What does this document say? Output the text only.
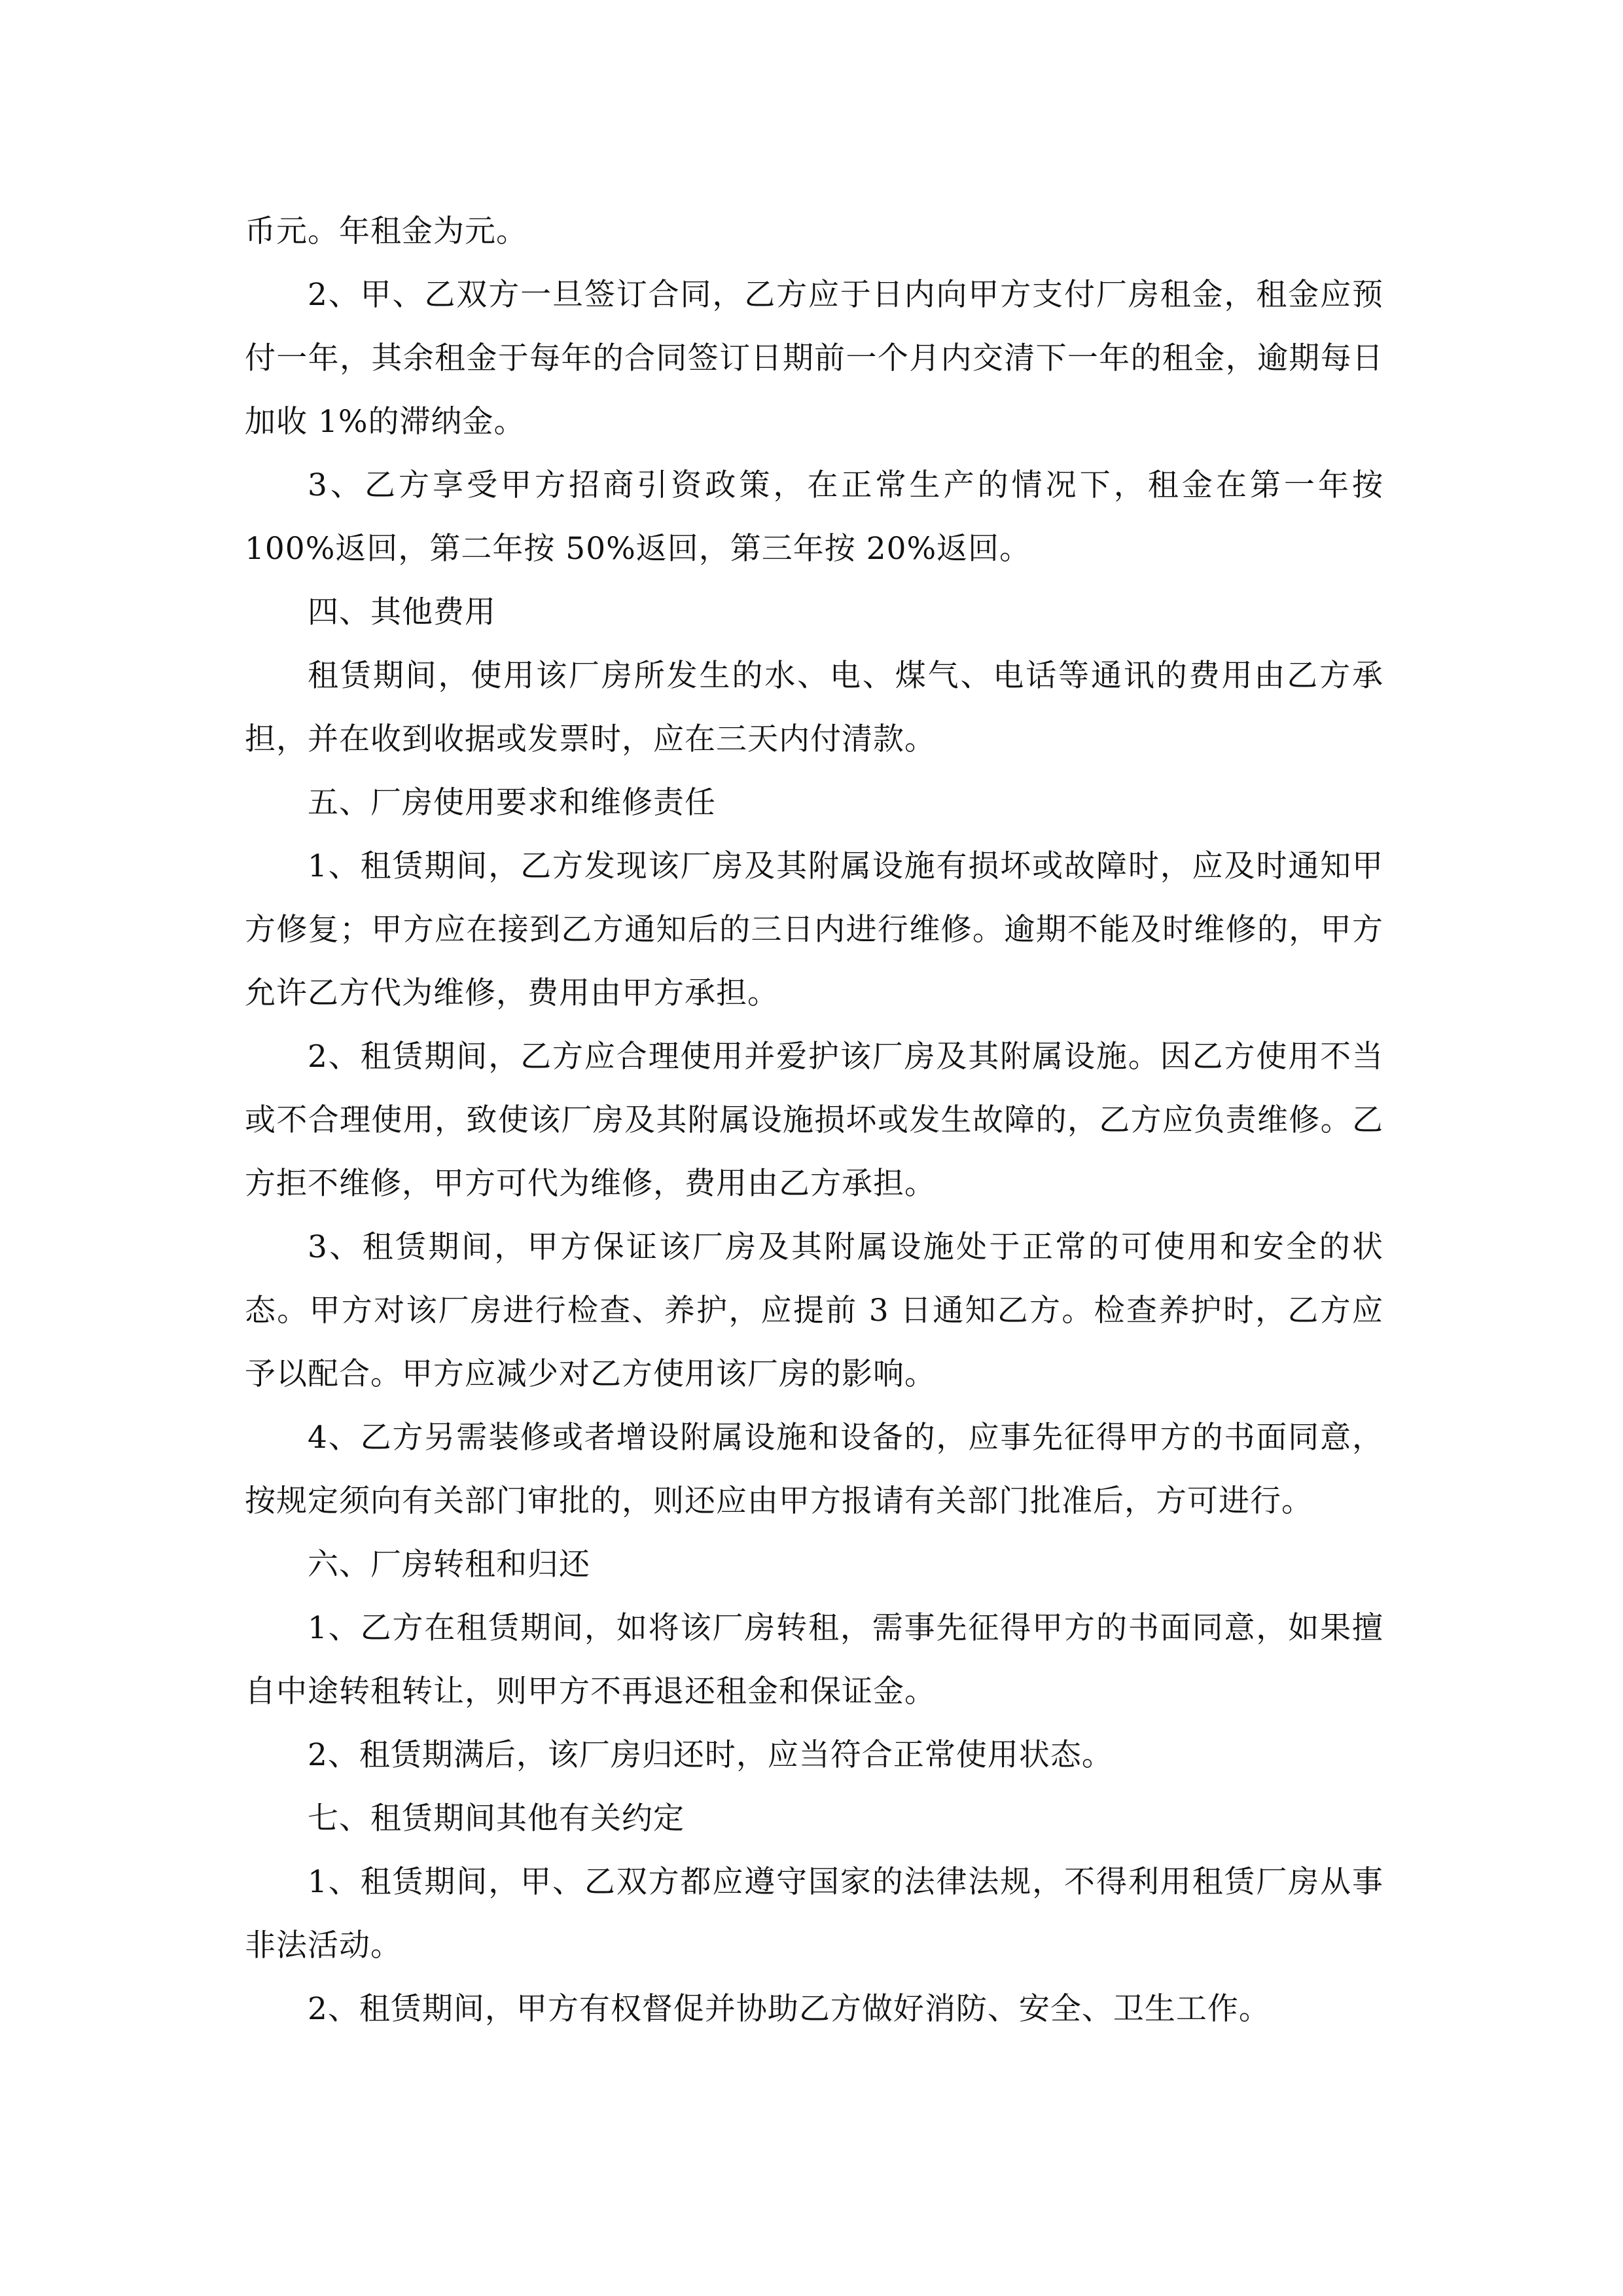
币元。年租金为元。

2、甲、乙双方一旦签订合同，乙方应于日内向甲方支付厂房租金，租金应预付一年，其余租金于每年的合同签订日期前一个月内交清下一年的租金，逾期每日加收 1%的滞纳金。

3、乙方享受甲方招商引资政策，在正常生产的情况下，租金在第一年按 100%返回，第二年按 50%返回，第三年按 20%返回。

四、其他费用

租赁期间，使用该厂房所发生的水、电、煤气、电话等通讯的费用由乙方承担，并在收到收据或发票时，应在三天内付清款。

五、厂房使用要求和维修责任

1、租赁期间，乙方发现该厂房及其附属设施有损坏或故障时，应及时通知甲方修复；甲方应在接到乙方通知后的三日内进行维修。逾期不能及时维修的，甲方允许乙方代为维修，费用由甲方承担。

2、租赁期间，乙方应合理使用并爱护该厂房及其附属设施。因乙方使用不当或不合理使用，致使该厂房及其附属设施损坏或发生故障的，乙方应负责维修。乙方拒不维修，甲方可代为维修，费用由乙方承担。

3、租赁期间，甲方保证该厂房及其附属设施处于正常的可使用和安全的状态。甲方对该厂房进行检查、养护，应提前 3 日通知乙方。检查养护时，乙方应予以配合。甲方应减少对乙方使用该厂房的影响。

4、乙方另需装修或者增设附属设施和设备的，应事先征得甲方的书面同意，按规定须向有关部门审批的，则还应由甲方报请有关部门批准后，方可进行。

六、厂房转租和归还

1、乙方在租赁期间，如将该厂房转租，需事先征得甲方的书面同意，如果擅自中途转租转让，则甲方不再退还租金和保证金。

2、租赁期满后，该厂房归还时，应当符合正常使用状态。

七、租赁期间其他有关约定

1、租赁期间，甲、乙双方都应遵守国家的法律法规，不得利用租赁厂房从事非法活动。

2、租赁期间，甲方有权督促并协助乙方做好消防、安全、卫生工作。
